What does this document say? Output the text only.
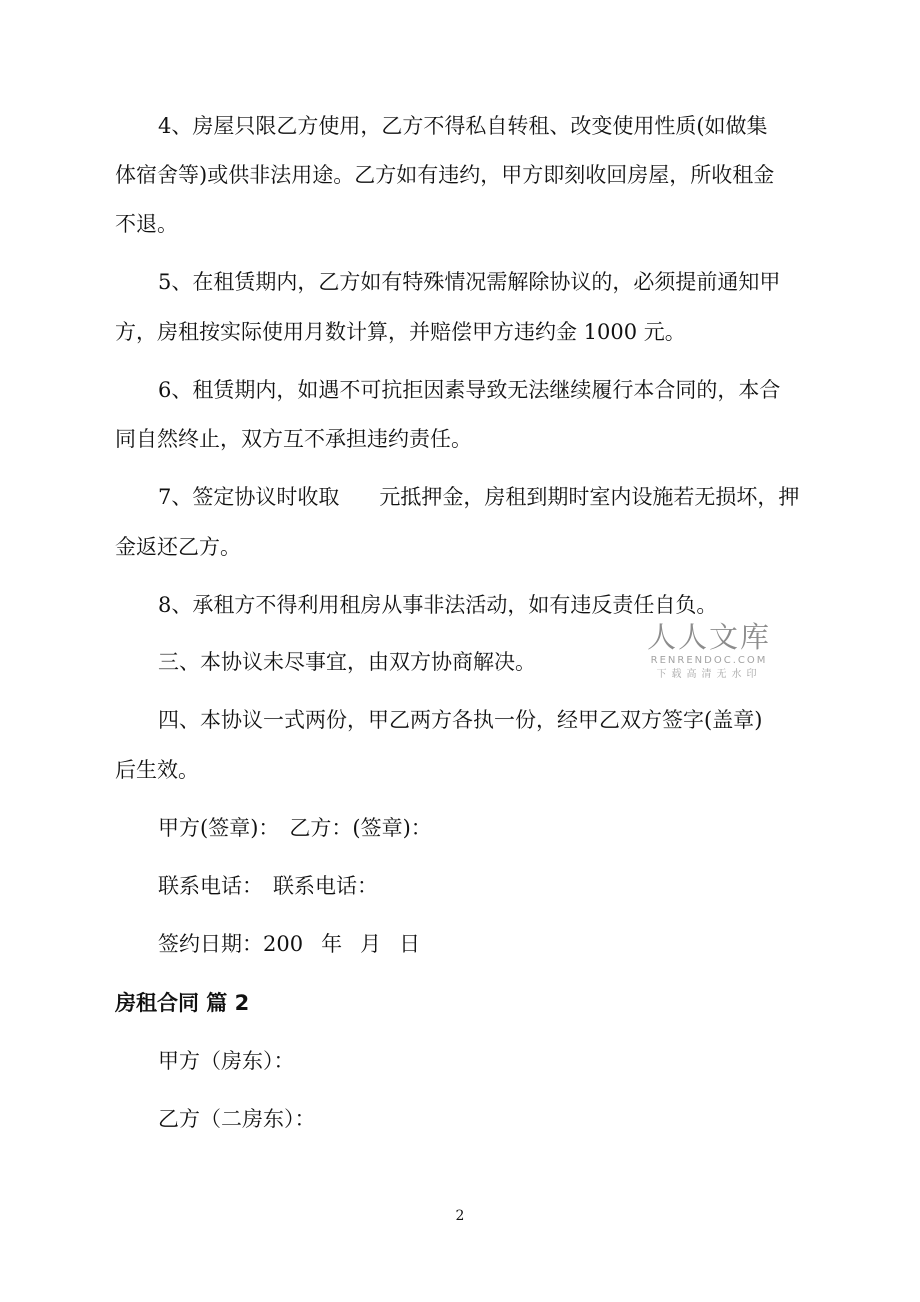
4、房屋只限乙方使用，乙方不得私自转租、改变使用性质(如做集
体宿舍等)或供非法用途。乙方如有违约，甲方即刻收回房屋，所收租金
不退。
5、在租赁期内，乙方如有特殊情况需解除协议的，必须提前通知甲
方，房租按实际使用月数计算，并赔偿甲方违约金 1000 元。
6、租赁期内，如遇不可抗拒因素导致无法继续履行本合同的，本合
同自然终止，双方互不承担违约责任。
7、签定协议时收取 元抵押金，房租到期时室内设施若无损坏，押
金返还乙方。
8、承租方不得利用租房从事非法活动，如有违反责任自负。
三、本协议未尽事宜，由双方协商解决。
四、本协议一式两份，甲乙两方各执一份，经甲乙双方签字(盖章)
后生效。
甲方(签章)： 乙方：(签章)：
联系电话： 联系电话：
签约日期：200 年 月 日
房租合同 篇 2
甲方（房东）：
乙方（二房东）：
人人文库
RENRENDOC.COM
下载高清无水印
2
